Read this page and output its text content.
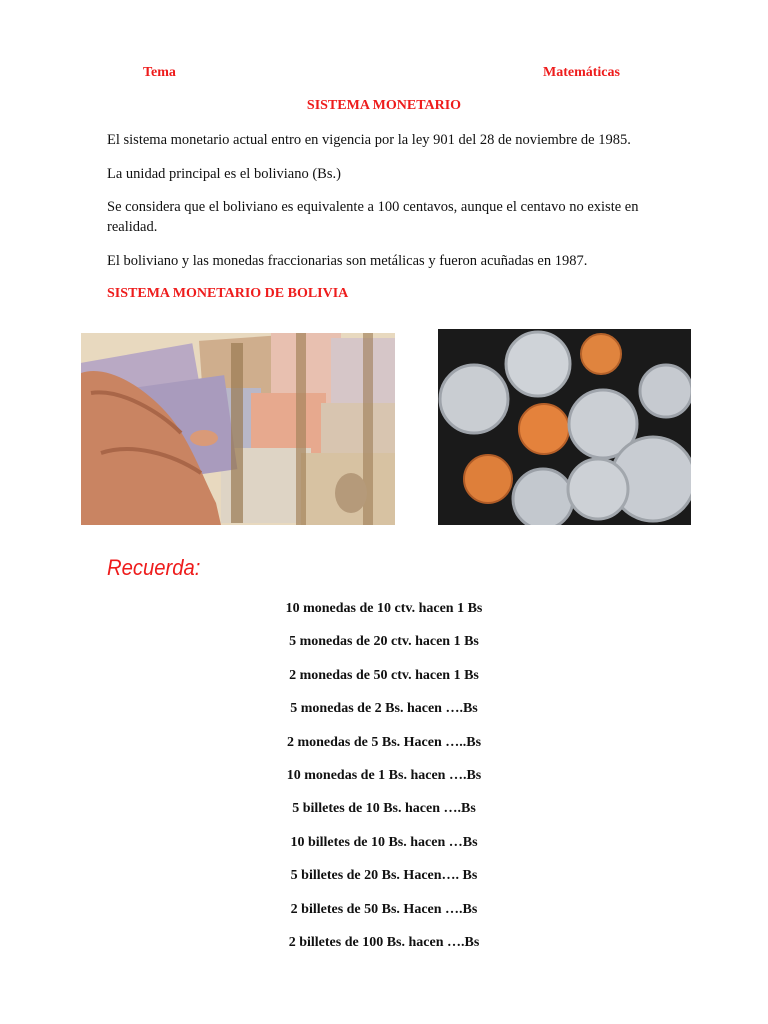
Tema	Matemáticas
SISTEMA MONETARIO
El sistema monetario actual entro en vigencia por la ley 901 del 28 de noviembre de 1985.
La unidad principal es el boliviano (Bs.)
Se considera que el boliviano es equivalente a 100 centavos, aunque el centavo no existe en realidad.
El boliviano y las monedas fraccionarias son metálicas y fueron acuñadas en 1987.
SISTEMA MONETARIO DE BOLIVIA
Recuerda:
10 monedas de 10 ctv. hacen 1 Bs
5 monedas de 20 ctv. hacen 1 Bs
2 monedas de 50 ctv. hacen 1 Bs
5 monedas de 2 Bs. hacen ….Bs
2 monedas de 5 Bs. Hacen …..Bs
10 monedas de 1 Bs. hacen ….Bs
5 billetes de 10 Bs. hacen ….Bs
10 billetes de 10 Bs. hacen …Bs
5 billetes de 20 Bs. Hacen…. Bs
2 billetes de 50 Bs. Hacen ….Bs
2 billetes de 100 Bs. hacen ….Bs
